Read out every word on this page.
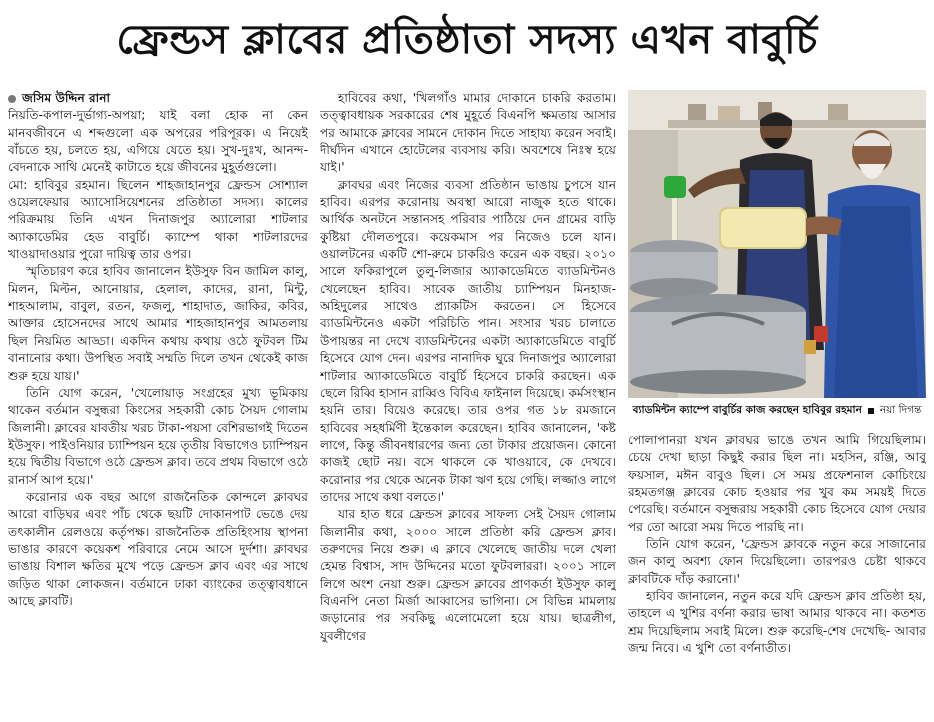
ফ্রেন্ডস ক্লাবের প্রতিষ্ঠাতা সদস্য এখন বাবুর্চি
জসিম উদ্দিন রানা

নিয়তি-কপাল-দুর্ভাগ্য-অপয়া; যাই বলা হোক না কেন মানবজীবনে এ শব্দগুলো এক অপরের পরিপূরক। এ নিয়েই বাঁচতে হয়, চলতে হয়, এগিয়ে যেতে হয়। সুখ-দুঃখ, আনন্দ-বেদনাকে সাথি মেনেই কাটাতে হয়ে জীবনের মুহূর্তগুলো।

মো: হাবিবুর রহমান। ছিলেন শাহজাহানপুর ফ্রেন্ডস সোশ্যাল ওয়েলফেয়ার অ্যাসোসিয়েশনের প্রতিষ্ঠাতা সদস্য। কালের পরিক্রমায় তিনি এখন দিনাজপুর অ্যালোরা শাটলার অ্যাকাডেমির হেড বাবুর্চি। ক্যাম্পে থাকা শাটলারদের খাওয়াদাওয়ার পুরো দায়িত্ব তার ওপর।

স্মৃতিচারণ করে হাবিব জানালেন ইউসুফ বিন জামিল কালু, মিলন, মিল্টন, আনোয়ার, হেলাল, কাদের, রানা, মিন্টু, শাহআলাম, বাবুল, রতন, ফজলু, শাহাদাত, জাকির, কবির, আক্তার হোসেনদের সাথে আমার শাহজাহানপুর আমতলায় ছিল নিয়মিত আড্ডা। একদিন কথায় কথায় ওঠে ফুটবল টিম বানানোর কথা। উপস্থিত সবাই সম্মতি দিলে তখন থেকেই কাজ শুরু হয়ে যায়।'

তিনি যোগ করেন, 'খেলোয়াড় সংগ্রহের মুখ্য ভূমিকায় থাকেন বর্তমান বসুন্ধরা কিংসের সহকারী কোচ সৈয়দ গোলাম জিলানী। ক্লাবের যাবতীয় খরচ টাকা-পয়সা বেশিরভাগই দিতেন ইউসুফ। পাইওনিয়ার চ্যাম্পিয়ন হয়ে তৃতীয় বিভাগেও চ্যাম্পিয়ন হয়ে দ্বিতীয় বিভাগে ওঠে ফ্রেন্ডস ক্লাব। তবে প্রথম বিভাগে ওঠে রানার্স আপ হয়ে।'

করোনার এক বছর আগে রাজনৈতিক কোন্দলে ক্লাবঘর আরো বাড়িঘর এবং পাঁচ থেকে ছয়টি দোকানপাট ভেঙে দেয় তৎকালীন রেলওয়ে কর্তৃপক্ষ। রাজনৈতিক প্রতিহিংসায় স্থাপনা ভাঙার কারণে কয়েকশ পরিবারে নেমে আসে দুর্দশা। ক্লাবঘর ভাঙায় বিশাল ক্ষতির মুখে পড়ে ফ্রেন্ডস ক্লাব এবং এর সাথে জড়িত থাকা লোকজন। বর্তমানে ঢাকা ব্যাংকের তত্ত্বাবধানে আছে ক্লাবটি।

হাবিবের কথা, 'খিলগাঁও মামার দোকানে চাকরি করতাম। তত্ত্বাবধায়ক সরকারের শেষ মুহূর্তে বিএনপি ক্ষমতায় আসার পর আমাকে ক্লাবের সামনে দোকান দিতে সাহায্য করেন সবাই। দীর্ঘদিন এখানে হোটেলের ব্যবসায় করি। অবশেষে নিঃস্ব হয়ে যাই।'

ক্লাবঘর এবং নিজের ব্যবসা প্রতিষ্ঠান ভাঙায় চুপসে যান হাবিব। এরপর করোনায় অবস্থা আরো নাজুক হতে থাকে। আর্থিক অনটনে সন্তানসহ পরিবার পাঠিয়ে দেন গ্রামের বাড়ি কুষ্টিয়া দৌলতপুরে। কয়েকমাস পর নিজেও চলে যান। ওয়ালটনের একটি শো-রুমে চাকরিও করেন এক বছর। ২০১০ সালে ফকিরাপুলে তুলু-লিজার অ্যাকাডেমিতে ব্যাডমিন্টনও খেলেছেন হাবিব। সাবেক জাতীয় চ্যাম্পিয়ন মিনহাজ-অহিদুলের সাথেও প্র্যাকটিস করতেন। সে হিসেবে ব্যাডমিন্টনেও একটা পরিচিতি পান। সংসার খরচ চালাতে উপায়ন্তর না দেখে ব্যাডমিন্টনের একটা অ্যাকাডেমিতে বাবুর্চি হিসেবে যোগ দেন। এরপর নানাদিক ঘুরে দিনাজপুর অ্যালোরা শাটলার অ্যাকাডেমিতে বাবুর্চি হিসেবে চাকরি করছেন। এক ছেলে রিব্বি হাসান রাব্বিও বিবিএ ফাইনাল দিয়েছে। কর্মসংস্থান হয়নি তার। বিয়েও করেছে। তার ওপর গত ১৮ রমজানে হাবিবের সহধর্মিণী ইন্তেকাল করেছেন। হাবিব জানালেন, 'কষ্ট লাগে, কিন্তু জীবনধারণের জন্য তো টাকার প্রয়োজন। কোনো কাজই ছোট নয়। বসে থাকলে কে খাওয়াবে, কে দেখবে। করোনার পর থেকে অনেক টাকা ঋণ হয়ে গেছি। লজ্জাও লাগে তাদের সাথে কথা বলতে।'

যার হাত ধরে ফ্রেন্ডস ক্লাবের সাফল্য সেই সৈয়দ গোলাম জিলানীর কথা, ২০০০ সালে প্রতিষ্ঠা করি ফ্রেন্ডস ক্লাব। তরুণদের নিয়ে শুরু। এ ক্লাবে খেলেছে জাতীয় দলে খেলা হেমন্ত বিশ্বাস, সাদ উদ্দিনের মতো ফুটবলাররা। ২০০১ সালে লিগে অংশ নেয়া শুরু। ফ্রেন্ডস ক্লাবের প্রাণকর্তা ইউসুফ কালু বিএনপি নেতা মির্জা আব্বাসের ভাগিনা। সে বিভিন্ন মামলায় জড়ানোর পর সবকিছু এলোমেলো হয়ে যায়। ছাত্রলীগ, যুবলীগের

ব্যাডমিন্টন ক্যাম্পে বাবুর্চির কাজ করছেন হাবিবুর রহমান নয়া দিগন্ত

পোলাপানরা যখন ক্লাবঘর ভাঙে তখন আমি গিয়েছিলাম। চেয়ে দেখা ছাড়া কিছুই করার ছিল না। মহসিন, রঞ্জি, আবু ফয়সাল, মঈন বাবুও ছিল। সে সময় প্রফেশনাল কোচিংয়ে রহমতগঞ্জ ক্লাবের কোচ হওয়ার পর খুব কম সময়ই দিতে পেরেছি। বর্তমানে বসুন্ধরায় সহকারী কোচ হিসেবে যোগ দেয়ার পর তো আরো সময় দিতে পারছি না।

তিনি যোগ করেন, 'ফ্রেন্ডস ক্লাবকে নতুন করে সাজানোর জন কালু অবশ্য ফোন দিয়েছিলো। তারপরও চেষ্টা থাকবে ক্লাবটিকে দাঁড় করানো।'

হাবিব জানালেন, নতুন করে যদি ফ্রেন্ডস ক্লাব প্রতিষ্ঠা হয়, তাহলে এ খুশির বর্ণনা করার ভাষা আমার থাকবে না। কতশত শ্রম দিয়েছিলাম সবাই মিলে। শুরু করেছি-শেষ দেখেছি- আবার জন্ম নিবে। এ খুশি তো বর্ণনাতীত।
